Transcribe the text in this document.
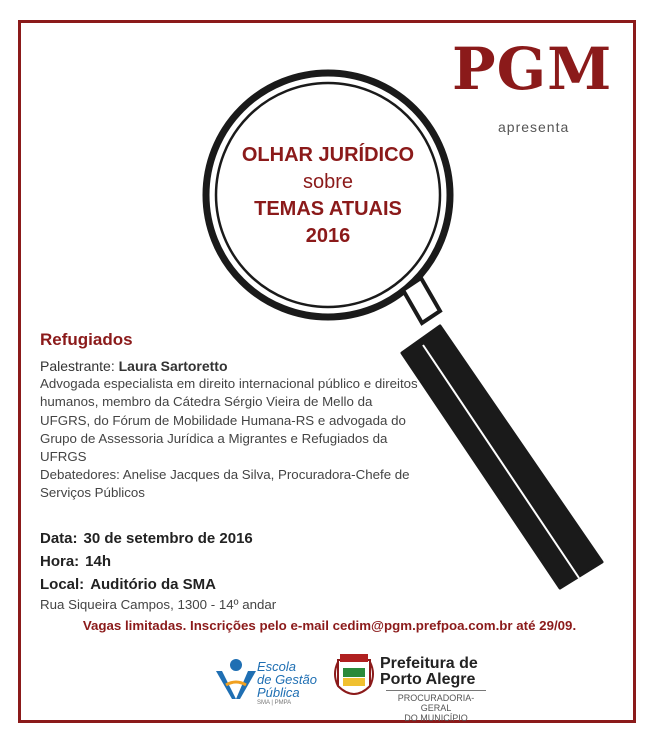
PGM
apresenta
OLHAR JURÍDICO
sobre
TEMAS ATUAIS
2016
Refugiados

Palestrante: Laura Sartoretto

Advogada especialista em direito internacional público e direitos humanos, membro da Cátedra Sérgio Vieira de Mello da UFGRS, do Fórum de Mobilidade Humana-RS e advogada do Grupo de Assessoria Jurídica a Migrantes e Refugiados da UFRGS

Debatedores: Anelise Jacques da Silva, Procuradora-Chefe de Serviços Públicos

Data: 30 de setembro de 2016
Hora: 14h
Local: Auditório da SMA
Rua Siqueira Campos, 1300 - 14º andar
Vagas limitadas. Inscrições pelo e-mail cedim@pgm.prefpoa.com.br até 29/09.
Escola
de Gestão
Pública
SMA | PMPA
Prefeitura de
Porto Alegre
PROCURADORIA-GERAL
DO MUNICÍPIO
